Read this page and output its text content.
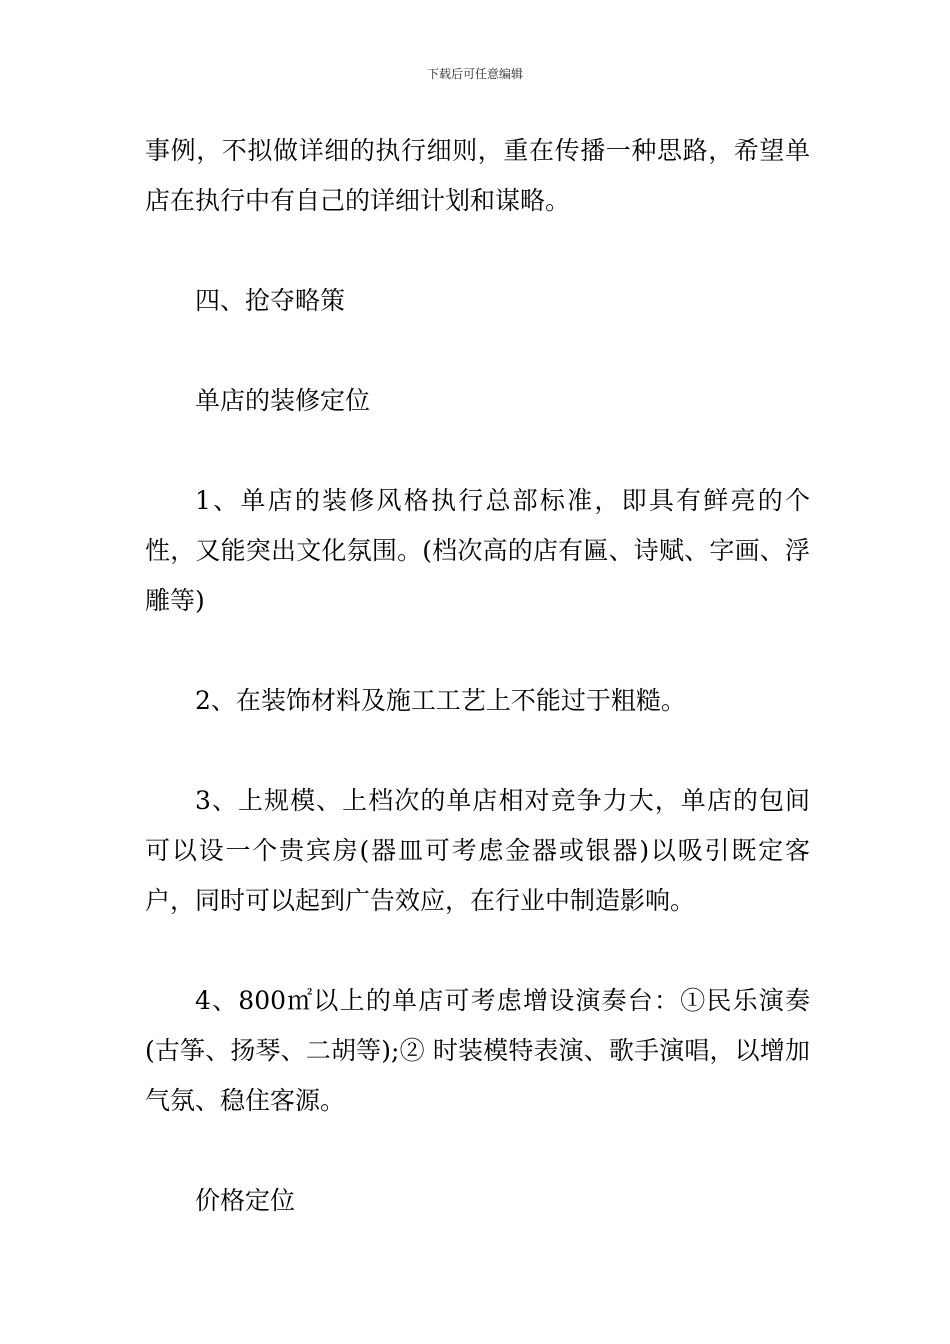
下载后可任意编辑

事例，不拟做详细的执行细则，重在传播一种思路，希望单店在执行中有自己的详细计划和谋略。

四、抢夺略策

单店的装修定位

1、单店的装修风格执行总部标准，即具有鲜亮的个性，又能突出文化氛围。(档次高的店有匾、诗赋、字画、浮雕等)

2、在装饰材料及施工工艺上不能过于粗糙。

3、上规模、上档次的单店相对竞争力大，单店的包间可以设一个贵宾房(器皿可考虑金器或银器)以吸引既定客户，同时可以起到广告效应，在行业中制造影响。

4、800㎡以上的单店可考虑增设演奏台：①民乐演奏(古筝、扬琴、二胡等);② 时装模特表演、歌手演唱，以增加气氛、稳住客源。

价格定位
